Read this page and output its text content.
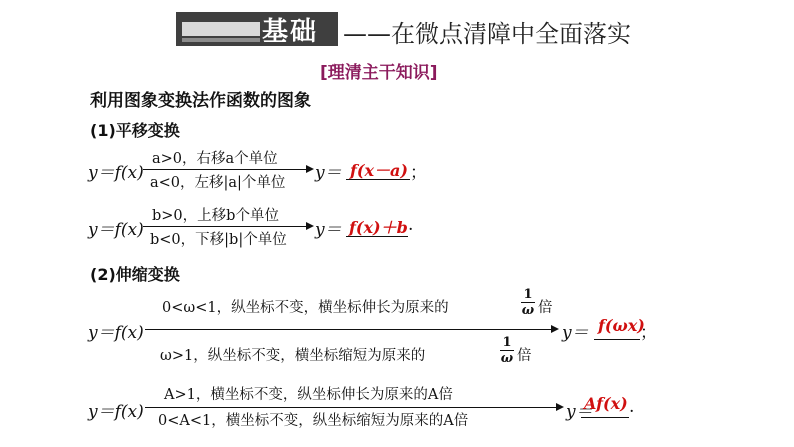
基础 ——在微点清障中全面落实
[理清主干知识]
利用图象变换法作函数的图象
(1)平移变换
y＝f(x)
a>0，右移a个单位
a<0，左移|a|个单位 y＝ f(x－a) ；
y＝f(x)
b>0，上移b个单位
b<0，下移|b|个单位 y＝ f(x)＋b .
(2)伸缩变换
y＝f(x)
0<ω<1，纵坐标不变，横坐标伸长为原来的
1
ω 倍
ω>1，纵坐标不变，横坐标缩短为原来的
1
ω 倍
y＝ f(ωx)
；
y＝f(x)
A>1，横坐标不变，纵坐标伸长为原来的A倍
0<A<1，横坐标不变，纵坐标缩短为原来的A倍	y＝
Af(x) .
